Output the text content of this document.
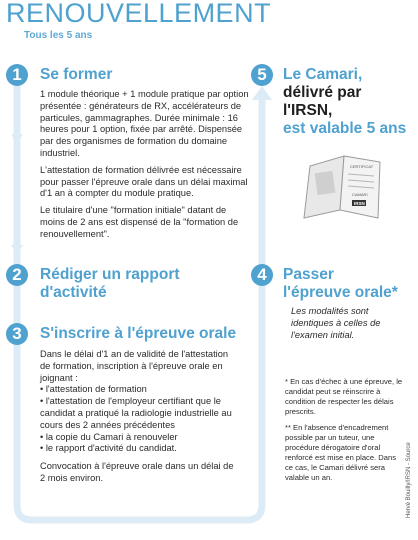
RENOUVELLEMENT
Tous les 5 ans
1	Se former

1 module théorique + 1 module pratique par option présentée : générateurs de RX, accélérateurs de particules, gammagraphes. Durée minimale : 16 heures pour 1 option, fixée par arrêté. Dispensée par des organismes de formation du domaine industriel.

L'attestation de formation délivrée est nécessaire pour passer l'épreuve orale dans un délai maximal d'1 an à compter du module pratique.

Le titulaire d'une "formation initiale" datant de moins de 2 ans est dispensé de la "formation de renouvellement".

2	Rédiger un rapport
d'activité
3	S'inscrire à l'épreuve orale

Dans le délai d'1 an de validité de l'attestation de formation, inscription à l'épreuve orale en joignant :

• l'attestation de formation
• l'attestation de l'employeur certifiant que le candidat a pratiqué la radiologie industrielle au cours des 2 années précédentes
• la copie du Camari à renouveler
• le rapport d'activité du candidat.

Convocation à l'épreuve orale dans un délai de 2 mois environ.

5	Le Camari,
délivré par l'IRSN,
est valable 5 ans
CERTIFICAT
CAMARI
IRSN
4	Passer
l'épreuve orale*
Les modalités sont identiques à celles de l'examen initial.

* En cas d'échec à une épreuve, le candidat peut se réinscrire à condition de respecter les délais prescrits.

** En l'absence d'encadrement possible par un tuteur, une procédure dérogatoire d'oral renforcé est mise en place. Dans ce cas, le Camari délivré sera valable un an.	Hervé Bouilly/IRSN - Source
